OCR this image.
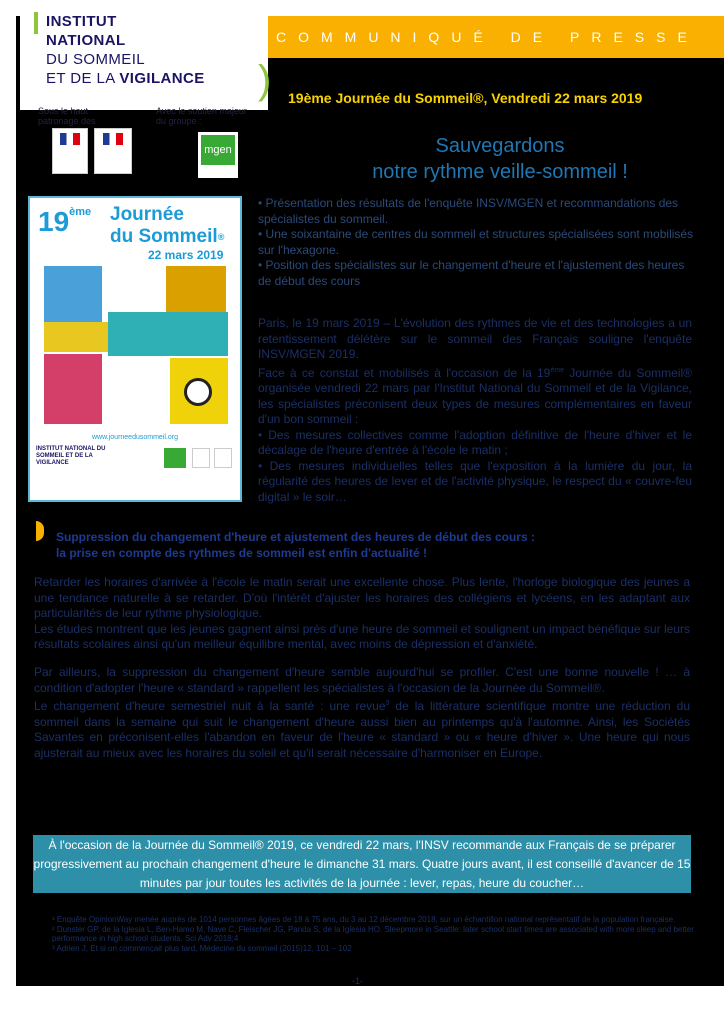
INSTITUT
NATIONAL
DU SOMMEIL
ET DE LA VIGILANCE	)
COMMUNIQUÉ DE PRESSE
19ème Journée du Sommeil®, Vendredi 22 mars 2019
Sous le haut patronage des
Avec le soutien majeur du groupe :
mgen	Sauvegardons
notre rythme veille-sommeil !
19ème Journée
du Sommeil®
22 mars 2019
www.journeedusommeil.org
INSTITUT NATIONAL DU SOMMEIL ET DE LA VIGILANCE
• Présentation des résultats de l'enquête INSV/MGEN et recommandations des spécialistes du sommeil.
• Une soixantaine de centres du sommeil et structures spécialisées sont mobilisés sur l'hexagone.
• Position des spécialistes sur le changement d'heure et l'ajustement des heures de début des cours
Paris, le 19 mars 2019 – L'évolution des rythmes de vie et des technologies a un retentissement délétère sur le sommeil des Français souligne l'enquête INSV/MGEN 2019.
Face à ce constat et mobilisés à l'occasion de la 19ème Journée du Sommeil® organisée vendredi 22 mars par l'Institut National du Sommeil et de la Vigilance, les spécialistes préconisent deux types de mesures complémentaires en faveur d'un bon sommeil :
• Des mesures collectives comme l'adoption définitive de l'heure d'hiver et le décalage de l'heure d'entrée à l'école le matin ;
• Des mesures individuelles telles que l'exposition à la lumière du jour, la régularité des heures de lever et de l'activité physique, le respect du « couvre-feu digital » le soir…
Suppression du changement d'heure et ajustement des heures de début des cours :
la prise en compte des rythmes de sommeil est enfin d'actualité !
Retarder les horaires d'arrivée à l'école le matin serait une excellente chose. Plus lente, l'horloge biologique des jeunes a une tendance naturelle à se retarder. D'où l'intérêt d'ajuster les horaires des collégiens et lycéens, en les adaptant aux particularités de leur rythme physiologique.

Les études montrent que les jeunes gagnent ainsi près d'une heure de sommeil et soulignent un impact bénéfique sur leurs résultats scolaires ainsi qu'un meilleur équilibre mental, avec moins de dépression et d'anxiété.

Par ailleurs, la suppression du changement d'heure semble aujourd'hui se profiler. C'est une bonne nouvelle ! … à condition d'adopter l'heure « standard » rappellent les spécialistes à l'occasion de la Journée du Sommeil®.
Le changement d'heure semestriel nuit à la santé : une revue$^3$ de la littérature scientifique montre une réduction du sommeil dans la semaine qui suit le changement d'heure aussi bien au printemps qu'à l'automne. Ainsi, les Sociétés Savantes en préconisent-elles l'abandon en faveur de l'heure « standard » ou « heure d'hiver ». Une heure qui nous ajusterait au mieux avec les horaires du soleil et qu'il serait nécessaire d'harmoniser en Europe.
À l'occasion de la Journée du Sommeil® 2019, ce vendredi 22 mars, l'INSV recommande aux Français de se préparer progressivement au prochain changement d'heure le dimanche 31 mars. Quatre jours avant, il est conseillé d'avancer de 15 minutes par jour toutes les activités de la journée : lever, repas, heure du coucher…
¹ Enquête OpinionWay menée auprès de 1014 personnes âgées de 18 à 75 ans, du 3 au 12 décembre 2018, sur un échantillon national représentatif de la population française.
² Dunster GP, de la Iglesia L, Ben-Hamo M, Nave C, Fleischer JG, Panda S, de la Iglesia HO. Sleepmore in Seattle: later school start times are associated with more sleep and better performance in high school students. Sci Adv 2018;4
³ Adrien J, Et si on commençait plus tard, Médecine du sommeil (2015)12, 101 – 102
-1-
